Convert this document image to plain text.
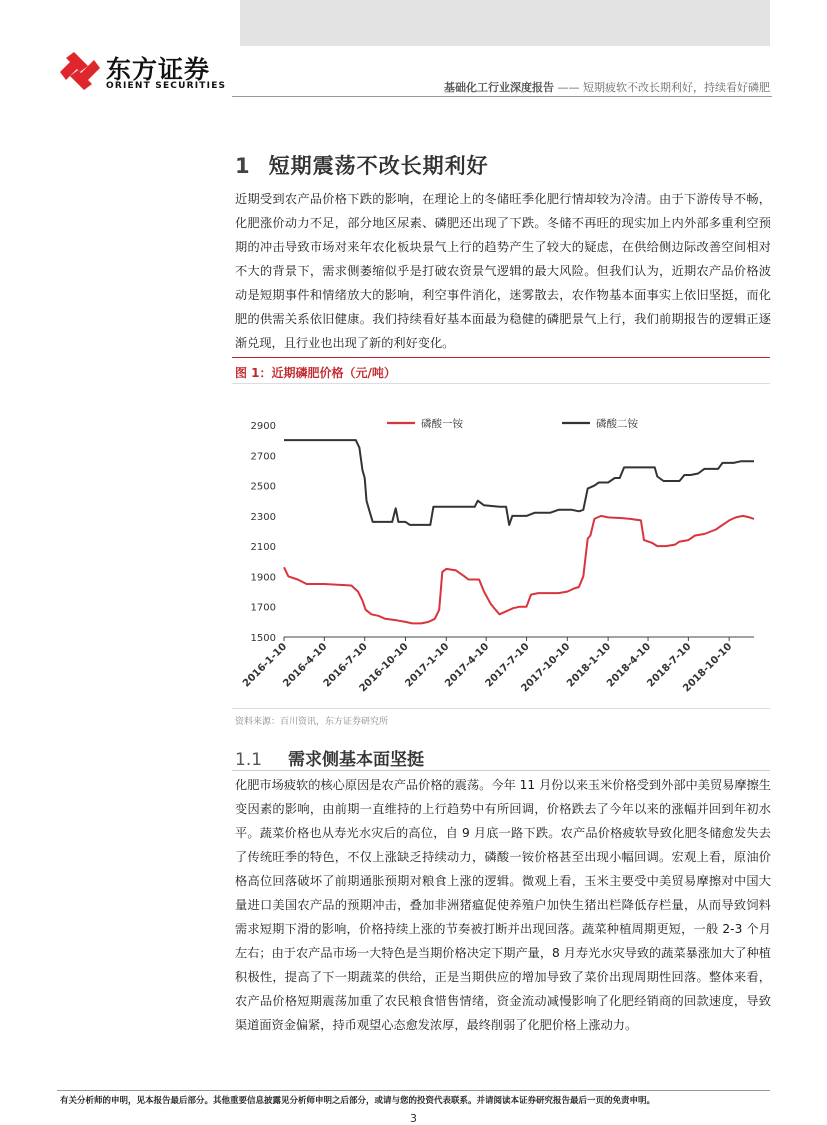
东方证券
ORIENT SECURITIES	基础化工行业深度报告 —— 短期疲软不改长期利好，持续看好磷肥
1 短期震荡不改长期利好
近期受到农产品价格下跌的影响，在理论上的冬储旺季化肥行情却较为冷清。由于下游传导不畅，化肥涨价动力不足，部分地区尿素、磷肥还出现了下跌。冬储不再旺的现实加上内外部多重利空预期的冲击导致市场对来年农化板块景气上行的趋势产生了较大的疑虑，在供给侧边际改善空间相对不大的背景下，需求侧萎缩似乎是打破农资景气逻辑的最大风险。但我们认为，近期农产品价格波动是短期事件和情绪放大的影响，利空事件消化，迷雾散去，农作物基本面事实上依旧坚挺，而化肥的供需关系依旧健康。我们持续看好基本面最为稳健的磷肥景气上行，我们前期报告的逻辑正逐渐兑现，且行业也出现了新的利好变化。
图 1：近期磷肥价格（元/吨）
2900
2700
2500
2300
2100
1900
1700
1500
2016-1-10
2016-4-10
2016-7-10
2016-10-10
2017-1-10
2017-4-10
2017-7-10
2017-10-10
2018-1-10
2018-4-10
2018-7-10
2018-10-10
磷酸一铵	磷酸二铵
资料来源：百川资讯，东方证券研究所
1.1 需求侧基本面坚挺
化肥市场疲软的核心原因是农产品价格的震荡。今年 11 月份以来玉米价格受到外部中美贸易摩擦生变因素的影响，由前期一直维持的上行趋势中有所回调，价格跌去了今年以来的涨幅并回到年初水平。蔬菜价格也从寿光水灾后的高位，自 9 月底一路下跌。农产品价格疲软导致化肥冬储愈发失去了传统旺季的特色，不仅上涨缺乏持续动力，磷酸一铵价格甚至出现小幅回调。宏观上看，原油价格高位回落破坏了前期通胀预期对粮食上涨的逻辑。微观上看，玉米主要受中美贸易摩擦对中国大量进口美国农产品的预期冲击，叠加非洲猪瘟促使养殖户加快生猪出栏降低存栏量，从而导致饲料需求短期下滑的影响，价格持续上涨的节奏被打断并出现回落。蔬菜种植周期更短，一般 2-3 个月左右；由于农产品市场一大特色是当期价格决定下期产量，8 月寿光水灾导致的蔬菜暴涨加大了种植积极性，提高了下一期蔬菜的供给，正是当期供应的增加导致了菜价出现周期性回落。整体来看，农产品价格短期震荡加重了农民粮食惜售情绪，资金流动减慢影响了化肥经销商的回款速度，导致渠道面资金偏紧，持币观望心态愈发浓厚，最终削弱了化肥价格上涨动力。
有关分析师的申明，见本报告最后部分。其他重要信息披露见分析师申明之后部分，或请与您的投资代表联系。并请阅读本证券研究报告最后一页的免责申明。
3
